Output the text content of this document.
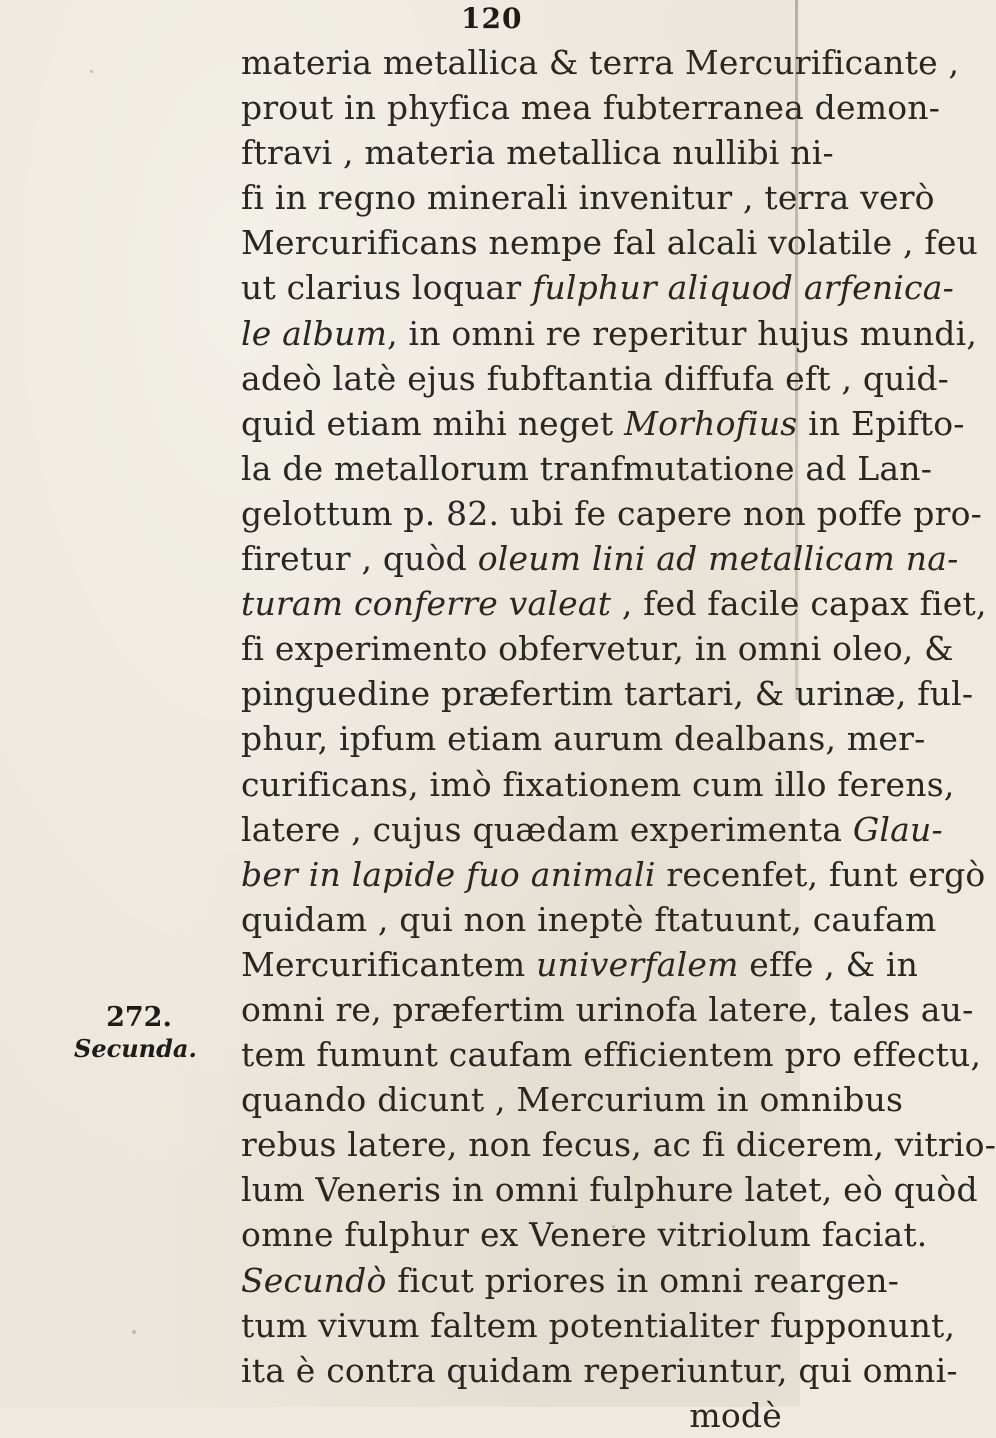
120
materia metallica & terra Mercurificante ,
prout in phyfica mea fubterranea demon-
ftravi , materia metallica nullibi ni-
fi in regno minerali invenitur , terra verò
Mercurificans nempe fal alcali volatile , feu
ut clarius loquar fulphur aliquod arfenica-
le album, in omni re reperitur hujus mundi,
adeò latè ejus fubftantia diffufa eft , quid-
quid etiam mihi neget Morhofius in Epifto-
la de metallorum tranfmutatione ad Lan-
gelottum p. 82. ubi fe capere non poffe pro-
firetur , quòd oleum lini ad metallicam na-
turam conferre valeat , fed facile capax fiet,
fi experimento obfervetur, in omni oleo, &
pinguedine præfertim tartari, & urinæ, ful-
phur, ipfum etiam aurum dealbans, mer-
curificans, imò fixationem cum illo ferens,
latere , cujus quædam experimenta Glau-
ber in lapide fuo animali recenfet, funt ergò
quidam , qui non ineptè ftatuunt, caufam
Mercurificantem univerfalem effe , & in
omni re, præfertim urinofa latere, tales au-
tem fumunt caufam efficientem pro effectu,
quando dicunt , Mercurium in omnibus
rebus latere, non fecus, ac fi dicerem, vitrio-
lum Veneris in omni fulphure latet, eò quòd
omne fulphur ex Venere vitriolum faciat.
Secundò ficut priores in omni reargen-
tum vivum faltem potentialiter fupponunt,
ita è contra quidam reperiuntur, qui omni-
modè
272.
Secunda.
